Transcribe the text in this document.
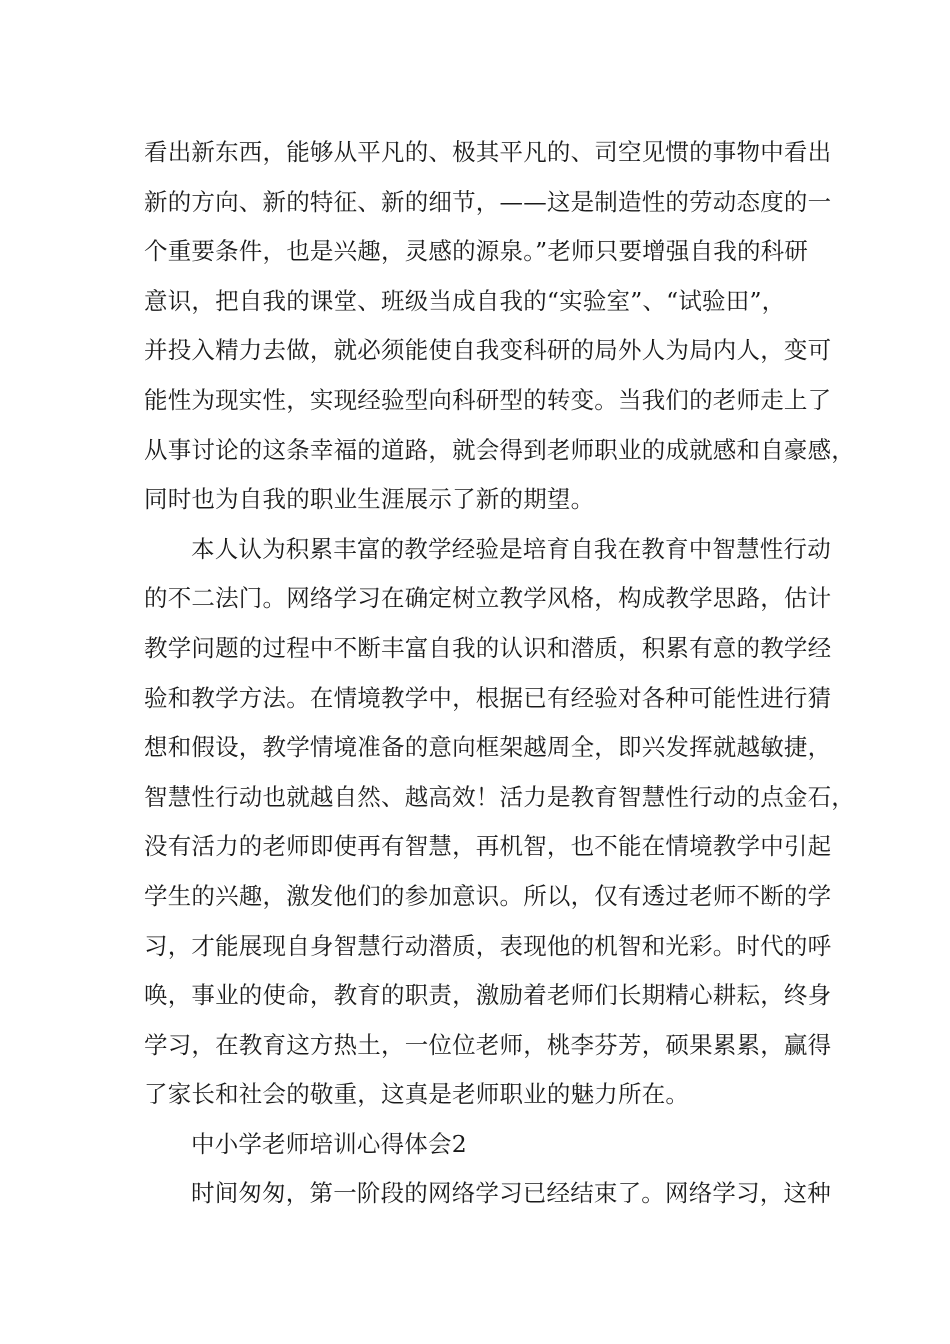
看出新东西，能够从平凡的、极其平凡的、司空见惯的事物中看出
新的方向、新的特征、新的细节，——这是制造性的劳动态度的一
个重要条件，也是兴趣，灵感的源泉。”老师只要增强自我的科研
意识，把自我的课堂、班级当成自我的“实验室”、“试验田”，
并投入精力去做，就必须能使自我变科研的局外人为局内人，变可
能性为现实性，实现经验型向科研型的转变。当我们的老师走上了
从事讨论的这条幸福的道路，就会得到老师职业的成就感和自豪感，
同时也为自我的职业生涯展示了新的期望。
本人认为积累丰富的教学经验是培育自我在教育中智慧性行动
的不二法门。网络学习在确定树立教学风格，构成教学思路，估计
教学问题的过程中不断丰富自我的认识和潜质，积累有意的教学经
验和教学方法。在情境教学中，根据已有经验对各种可能性进行猜
想和假设，教学情境准备的意向框架越周全，即兴发挥就越敏捷，
智慧性行动也就越自然、越高效！活力是教育智慧性行动的点金石，
没有活力的老师即使再有智慧，再机智，也不能在情境教学中引起
学生的兴趣，激发他们的参加意识。所以，仅有透过老师不断的学
习，才能展现自身智慧行动潜质，表现他的机智和光彩。时代的呼
唤，事业的使命，教育的职责，激励着老师们长期精心耕耘，终身
学习，在教育这方热土，一位位老师，桃李芬芳，硕果累累，赢得
了家长和社会的敬重，这真是老师职业的魅力所在。
中小学老师培训心得体会2
时间匆匆，第一阶段的网络学习已经结束了。网络学习，这种
